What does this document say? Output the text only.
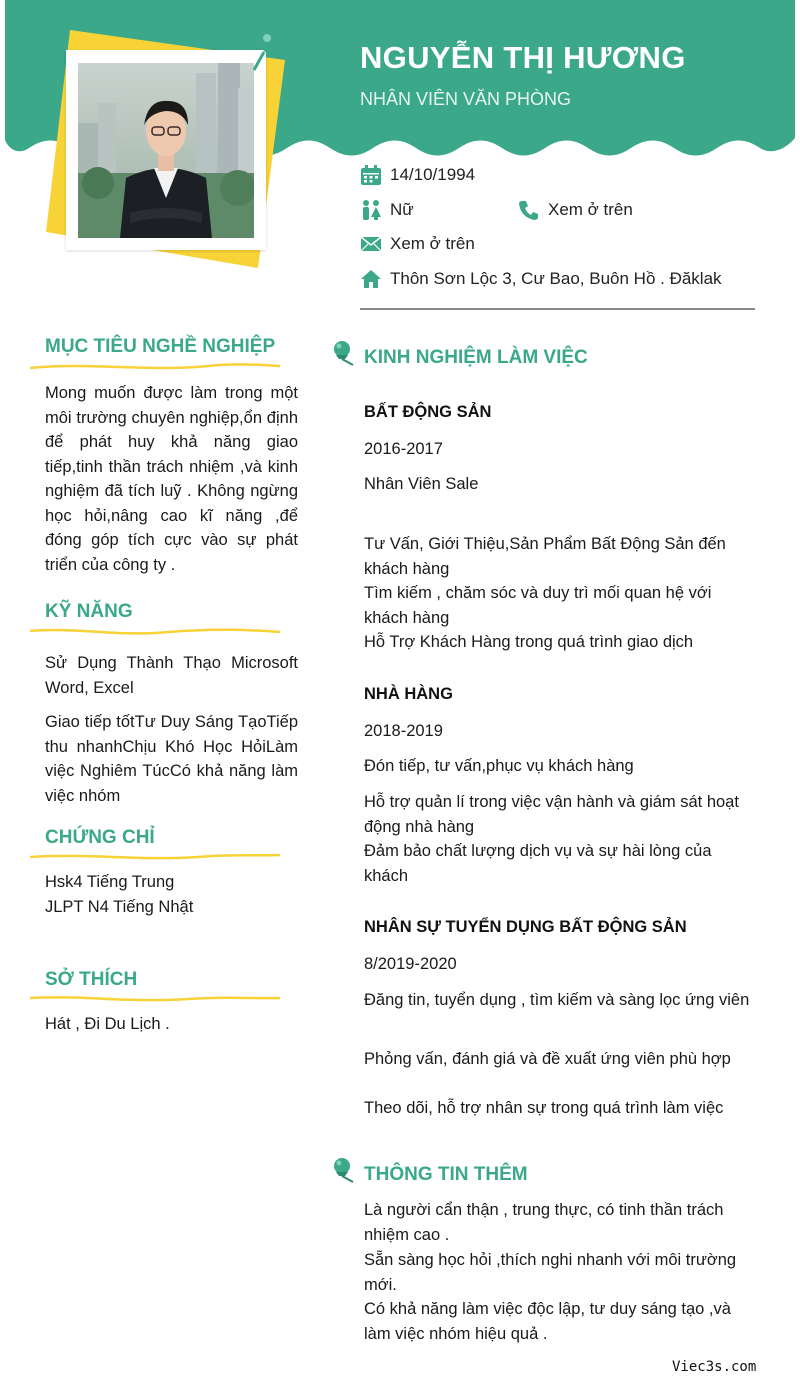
NGUYỄN THỊ HƯƠNG
NHÂN VIÊN VĂN PHÒNG
14/10/1994
Nữ	Xem ở trên
Xem ở trên
Thôn Sơn Lộc 3, Cư Bao, Buôn Hồ . Đăklak
MỤC TIÊU NGHỀ NGHIỆP
Mong muốn được làm trong một môi trường chuyên nghiệp,ổn định để phát huy khả năng giao tiếp,tinh thần trách nhiệm ,và kinh nghiệm đã tích luỹ . Không ngừng học hỏi,nâng cao kĩ năng ,để đóng góp tích cực vào sự phát triển của công ty .
KỸ NĂNG
Sử Dụng Thành Thạo Microsoft Word, Excel
Giao tiếp tốtTư Duy Sáng TạoTiếp thu nhanhChịu Khó Học HỏiLàm việc Nghiêm TúcCó khả năng làm việc nhóm
CHỨNG CHỈ
Hsk4 Tiếng Trung
JLPT N4 Tiếng Nhật
SỞ THÍCH
Hát , Đi Du Lịch .
KINH NGHIỆM LÀM VIỆC
BẤT ĐỘNG SẢN
2016-2017
Nhân Viên Sale
Tư Vấn, Giới Thiệu,Sản Phẩm Bất Động Sản đến khách hàng
Tìm kiếm , chăm sóc và duy trì mối quan hệ với khách hàng
Hỗ Trợ Khách Hàng trong quá trình giao dịch
NHÀ HÀNG
2018-2019
Đón tiếp, tư vấn,phục vụ khách hàng
Hỗ trợ quản lí trong việc vận hành và giám sát hoạt động nhà hàng
Đảm bảo chất lượng dịch vụ và sự hài lòng của khách
NHÂN SỰ TUYỂN DỤNG BẤT ĐỘNG SẢN
8/2019-2020
Đăng tin, tuyển dụng , tìm kiếm và sàng lọc ứng viên
Phỏng vấn, đánh giá và đề xuất ứng viên phù hợp
Theo dõi, hỗ trợ nhân sự trong quá trình làm việc
THÔNG TIN THÊM
Là người cẩn thận , trung thực, có tinh thần trách nhiệm cao .
Sẵn sàng học hỏi ,thích nghi nhanh với môi trường mới.
Có khả năng làm việc độc lập, tư duy sáng tạo ,và làm việc nhóm hiệu quả .
Viec3s.com
